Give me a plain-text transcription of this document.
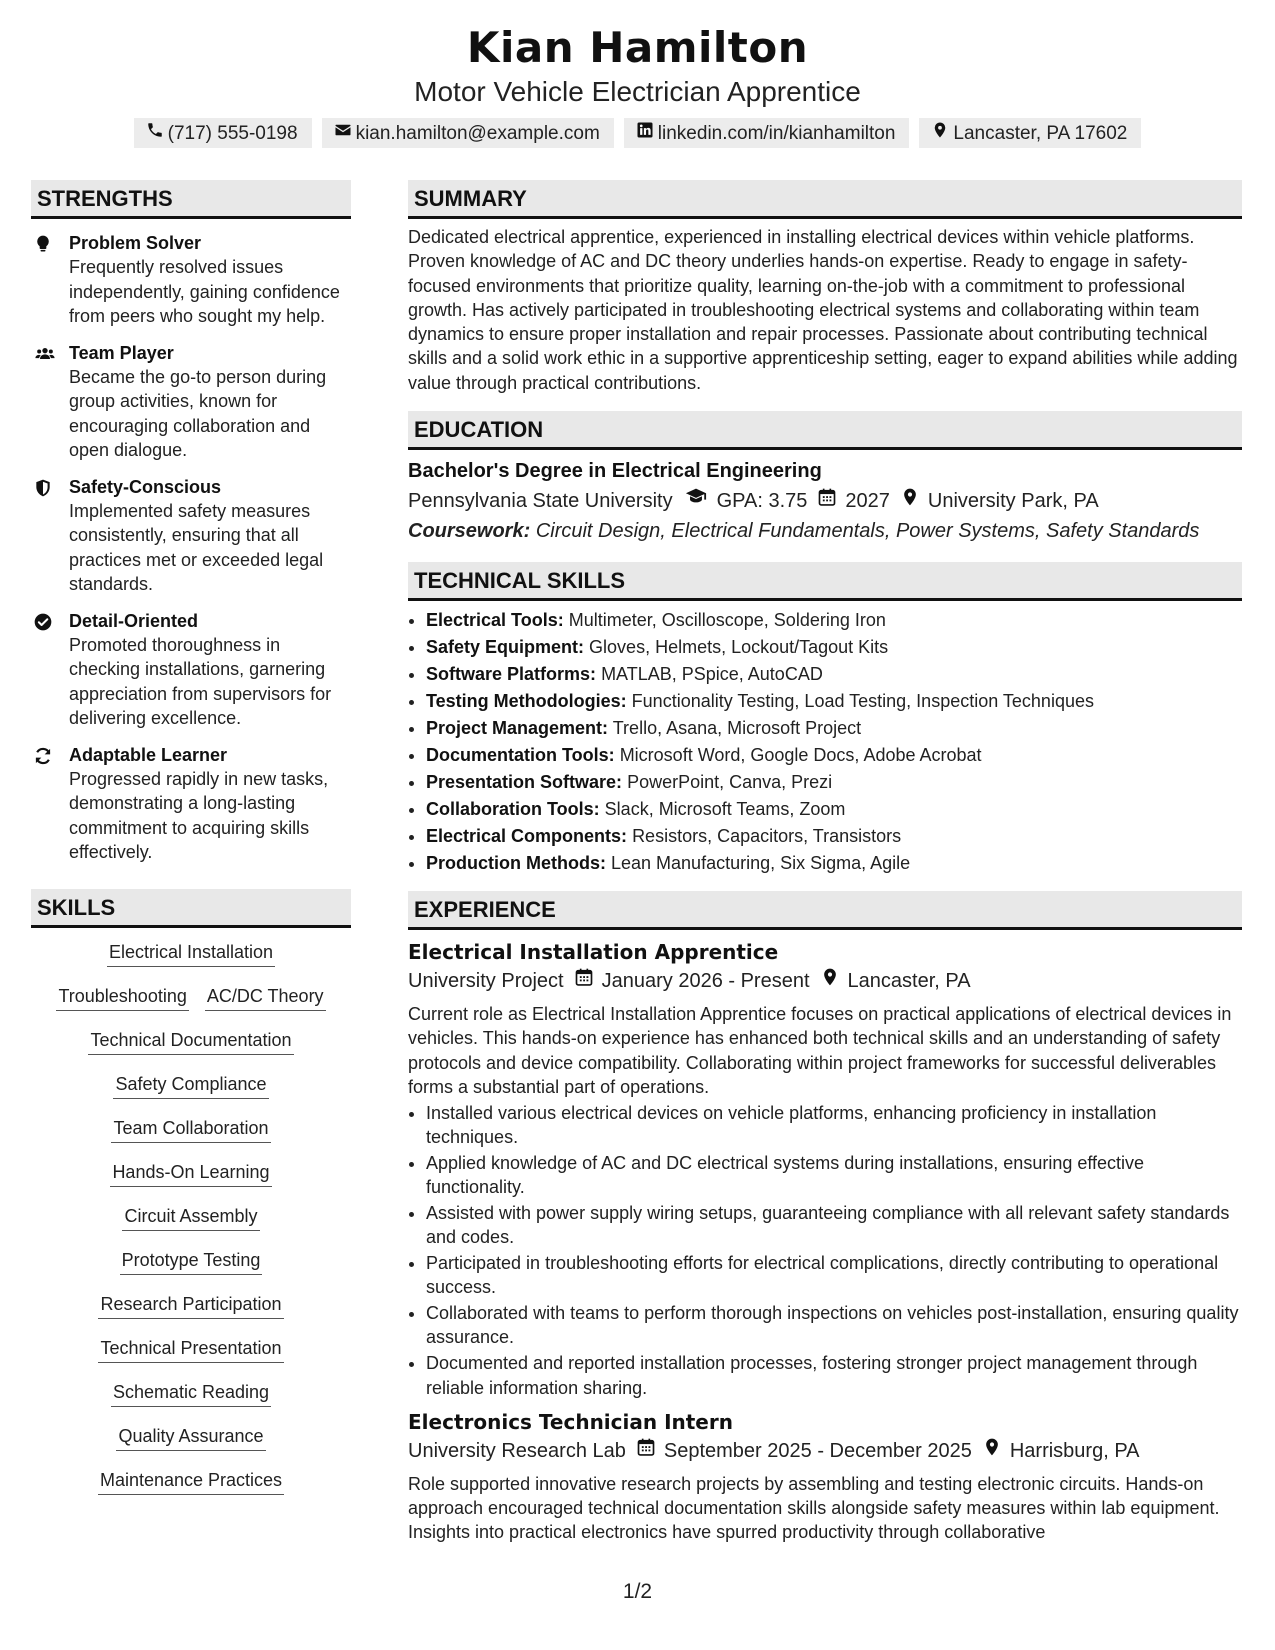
Kian Hamilton
Motor Vehicle Electrician Apprentice
(717) 555-0198	kian.hamilton@example.com	linkedin.com/in/kianhamilton	Lancaster, PA 17602
STRENGTHS
Problem Solver
Frequently resolved issues independently, gaining confidence from peers who sought my help.
Team Player
Became the go-to person during group activities, known for encouraging collaboration and open dialogue.
Safety-Conscious
Implemented safety measures consistently, ensuring that all practices met or exceeded legal standards.
Detail-Oriented
Promoted thoroughness in checking installations, garnering appreciation from supervisors for delivering excellence.
Adaptable Learner
Progressed rapidly in new tasks, demonstrating a long-lasting commitment to acquiring skills effectively.
SKILLS
Electrical Installation
Troubleshooting AC/DC Theory
Technical Documentation
Safety Compliance
Team Collaboration
Hands-On Learning
Circuit Assembly
Prototype Testing
Research Participation
Technical Presentation
Schematic Reading
Quality Assurance
Maintenance Practices
SUMMARY
Dedicated electrical apprentice, experienced in installing electrical devices within vehicle platforms. Proven knowledge of AC and DC theory underlies hands-on expertise. Ready to engage in safety-focused environments that prioritize quality, learning on-the-job with a commitment to professional growth. Has actively participated in troubleshooting electrical systems and collaborating within team dynamics to ensure proper installation and repair processes. Passionate about contributing technical skills and a solid work ethic in a supportive apprenticeship setting, eager to expand abilities while adding value through practical contributions.
EDUCATION
Bachelor's Degree in Electrical Engineering
Pennsylvania State University GPA: 3.75 2027 University Park, PA
Coursework: Circuit Design, Electrical Fundamentals, Power Systems, Safety Standards
TECHNICAL SKILLS
• Electrical Tools: Multimeter, Oscilloscope, Soldering Iron
• Safety Equipment: Gloves, Helmets, Lockout/Tagout Kits
• Software Platforms: MATLAB, PSpice, AutoCAD
• Testing Methodologies: Functionality Testing, Load Testing, Inspection Techniques
• Project Management: Trello, Asana, Microsoft Project
• Documentation Tools: Microsoft Word, Google Docs, Adobe Acrobat
• Presentation Software: PowerPoint, Canva, Prezi
• Collaboration Tools: Slack, Microsoft Teams, Zoom
• Electrical Components: Resistors, Capacitors, Transistors
• Production Methods: Lean Manufacturing, Six Sigma, Agile
EXPERIENCE
Electrical Installation Apprentice
University Project January 2026 - Present Lancaster, PA
Current role as Electrical Installation Apprentice focuses on practical applications of electrical devices in vehicles. This hands-on experience has enhanced both technical skills and an understanding of safety protocols and device compatibility. Collaborating within project frameworks for successful deliverables forms a substantial part of operations.
• Installed various electrical devices on vehicle platforms, enhancing proficiency in installation techniques.
• Applied knowledge of AC and DC electrical systems during installations, ensuring effective functionality.
• Assisted with power supply wiring setups, guaranteeing compliance with all relevant safety standards and codes.
• Participated in troubleshooting efforts for electrical complications, directly contributing to operational success.
• Collaborated with teams to perform thorough inspections on vehicles post-installation, ensuring quality assurance.
• Documented and reported installation processes, fostering stronger project management through reliable information sharing.
Electronics Technician Intern
University Research Lab September 2025 - December 2025 Harrisburg, PA
Role supported innovative research projects by assembling and testing electronic circuits. Hands-on approach encouraged technical documentation skills alongside safety measures within lab equipment. Insights into practical electronics have spurred productivity through collaborative
1/2
